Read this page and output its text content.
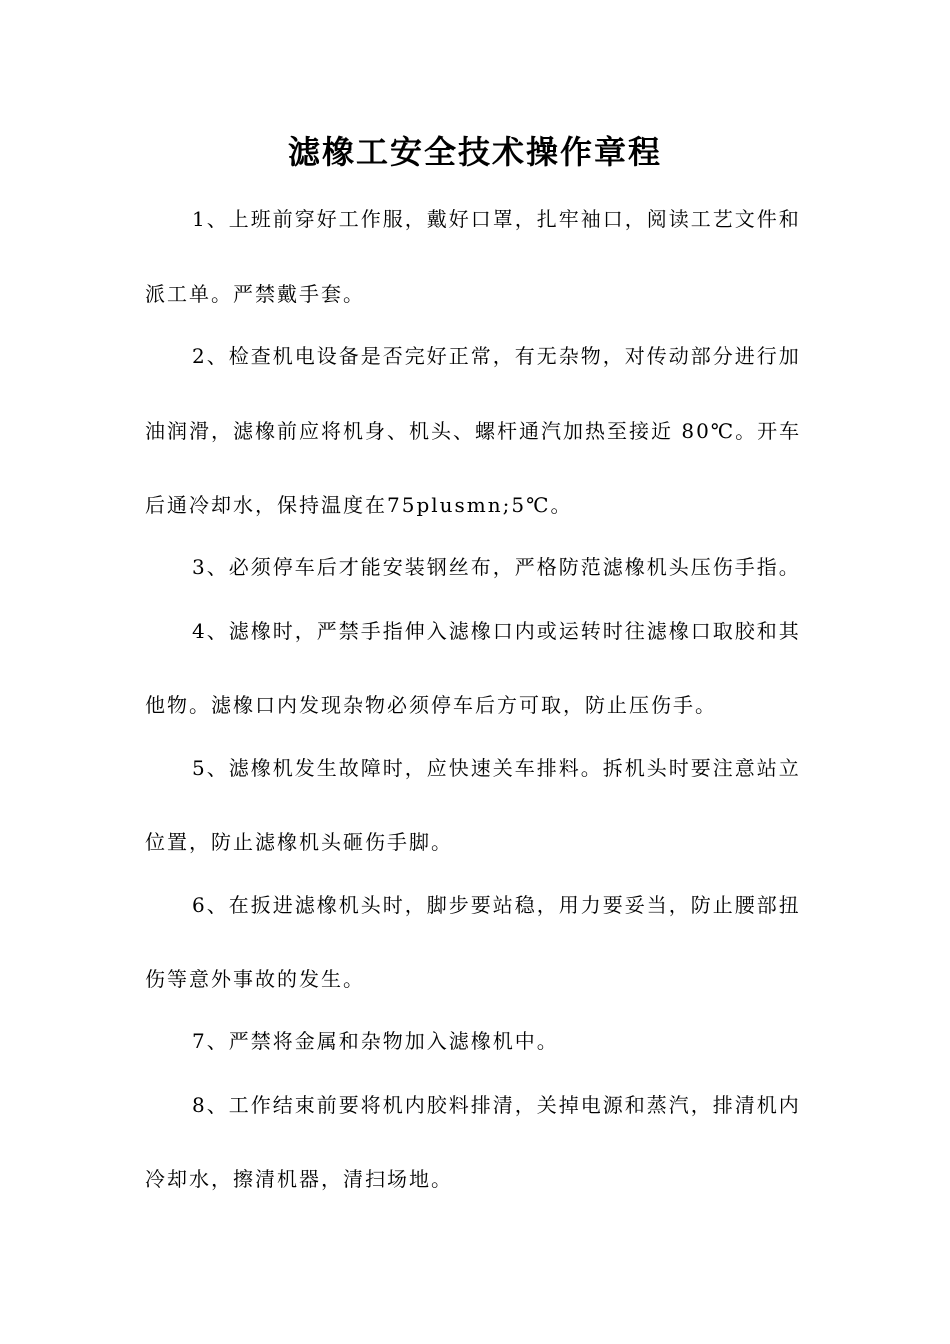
滤橡工安全技术操作章程
1、上班前穿好工作服，戴好口罩，扎牢袖口，阅读工艺文件和
派工单。严禁戴手套。
2、检查机电设备是否完好正常，有无杂物，对传动部分进行加
油润滑，滤橡前应将机身、机头、螺杆通汽加热至接近 80℃。开车
后通冷却水，保持温度在75plusmn;5℃。
3、必须停车后才能安装钢丝布，严格防范滤橡机头压伤手指。
4、滤橡时，严禁手指伸入滤橡口内或运转时往滤橡口取胶和其
他物。滤橡口内发现杂物必须停车后方可取，防止压伤手。
5、滤橡机发生故障时，应快速关车排料。拆机头时要注意站立
位置，防止滤橡机头砸伤手脚。
6、在扳进滤橡机头时，脚步要站稳，用力要妥当，防止腰部扭
伤等意外事故的发生。
7、严禁将金属和杂物加入滤橡机中。
8、工作结束前要将机内胶料排清，关掉电源和蒸汽，排清机内
冷却水，擦清机器，清扫场地。
